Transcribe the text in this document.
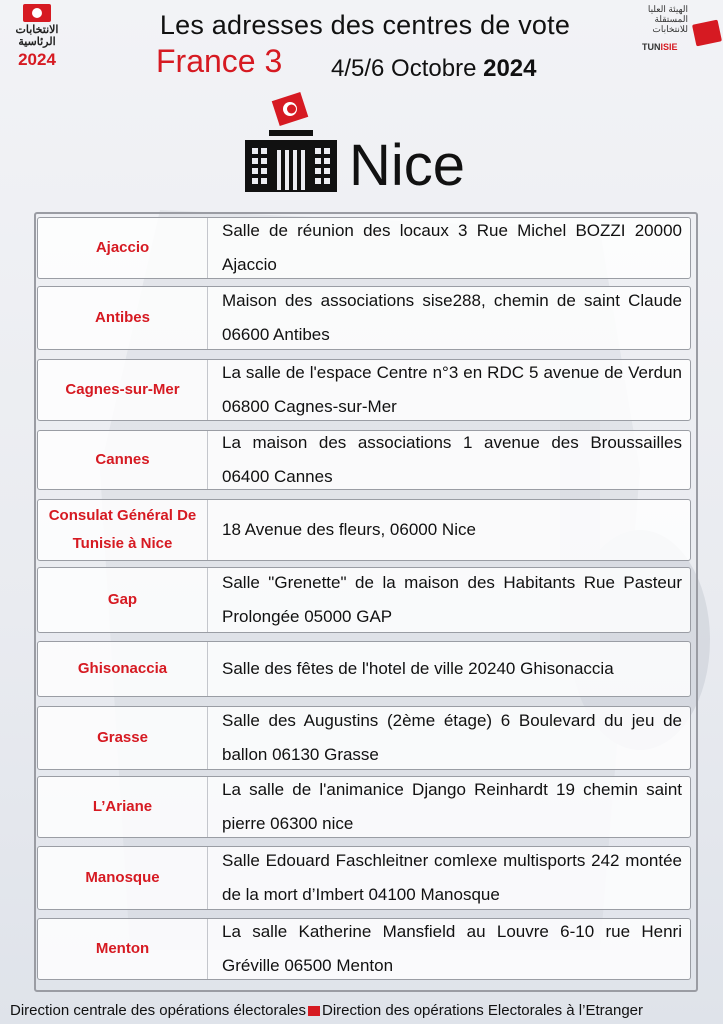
الانتخابات الرئاسية
2024
Les adresses des centres de vote
France 3 4/5/6 Octobre 2024
الهيئة العليا المستقلة للانتخابات
TUNISIE
Nice
Ajaccio
Salle de réunion des locaux 3 Rue Michel BOZZI 20000 Ajaccio
Antibes
Maison des associations sise288, chemin de saint Claude 06600 Antibes
Cagnes-sur-Mer
La salle de l'espace Centre n°3 en RDC 5 avenue de Verdun 06800 Cagnes-sur-Mer
Cannes
La maison des associations 1 avenue des Broussailles 06400 Cannes
Consulat Général De Tunisie à Nice
18 Avenue des fleurs, 06000 Nice
Gap
Salle "Grenette" de la maison des Habitants Rue Pasteur Prolongée 05000 GAP
Ghisonaccia	Salle des fêtes de l'hotel de ville 20240 Ghisonaccia
Grasse
Salle des Augustins (2ème étage) 6 Boulevard du jeu de ballon 06130 Grasse
L’Ariane
La salle de l'animanice Django Reinhardt 19 chemin saint pierre 06300 nice
Manosque
Salle Edouard Faschleitner comlexe multisports 242 montée de la mort d’Imbert 04100 Manosque
Menton
La salle Katherine Mansfield au Louvre 6-10 rue Henri Gréville 06500 Menton
Direction centrale des opérations électorales Direction des opérations Electorales à l’Etranger
